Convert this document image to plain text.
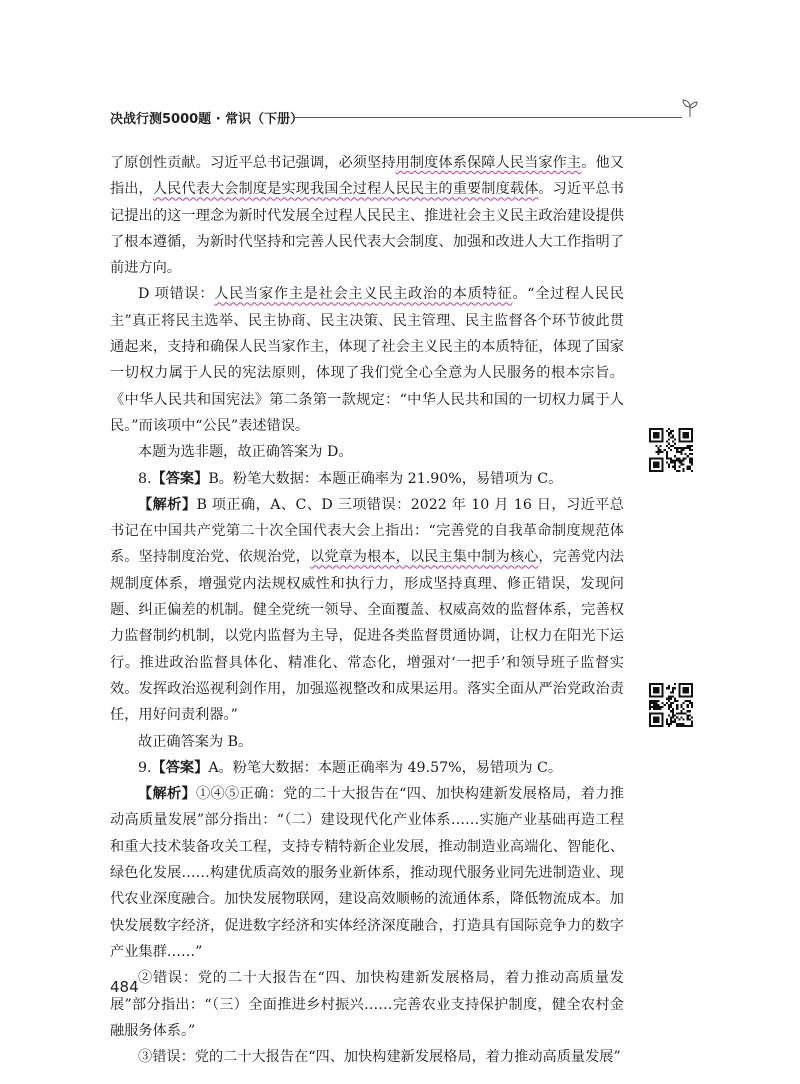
决战行测5000题 · 常识（下册）

了原创性贡献。习近平总书记强调，必须坚持用制度体系保障人民当家作主。他又指出，人民代表大会制度是实现我国全过程人民民主的重要制度载体。习近平总书记提出的这一理念为新时代发展全过程人民民主、推进社会主义民主政治建设提供了根本遵循，为新时代坚持和完善人民代表大会制度、加强和改进人大工作指明了前进方向。

D 项错误：人民当家作主是社会主义民主政治的本质特征。“全过程人民民主”真正将民主选举、民主协商、民主决策、民主管理、民主监督各个环节彼此贯通起来，支持和确保人民当家作主，体现了社会主义民主的本质特征，体现了国家一切权力属于人民的宪法原则，体现了我们党全心全意为人民服务的根本宗旨。《中华人民共和国宪法》第二条第一款规定：“中华人民共和国的一切权力属于人民。”而该项中“公民”表述错误。

本题为选非题，故正确答案为 D。

8.【答案】B。粉笔大数据：本题正确率为 21.90%，易错项为 C。

【解析】B 项正确，A、C、D 三项错误：2022 年 10 月 16 日，习近平总书记在中国共产党第二十次全国代表大会上指出：“完善党的自我革命制度规范体系。坚持制度治党、依规治党，以党章为根本，以民主集中制为核心，完善党内法规制度体系，增强党内法规权威性和执行力，形成坚持真理、修正错误，发现问题、纠正偏差的机制。健全党统一领导、全面覆盖、权威高效的监督体系，完善权力监督制约机制，以党内监督为主导，促进各类监督贯通协调，让权力在阳光下运行。推进政治监督具体化、精准化、常态化，增强对‘一把手’和领导班子监督实效。发挥政治巡视利剑作用，加强巡视整改和成果运用。落实全面从严治党政治责任，用好问责利器。”

故正确答案为 B。

9.【答案】A。粉笔大数据：本题正确率为 49.57%，易错项为 C。

【解析】①④⑤正确：党的二十大报告在“四、加快构建新发展格局，着力推动高质量发展”部分指出：“（二）建设现代化产业体系……实施产业基础再造工程和重大技术装备攻关工程，支持专精特新企业发展，推动制造业高端化、智能化、绿色化发展……构建优质高效的服务业新体系，推动现代服务业同先进制造业、现代农业深度融合。加快发展物联网，建设高效顺畅的流通体系，降低物流成本。加快发展数字经济，促进数字经济和实体经济深度融合，打造具有国际竞争力的数字产业集群……”

②错误：党的二十大报告在“四、加快构建新发展格局，着力推动高质量发展”部分指出：“（三）全面推进乡村振兴……完善农业支持保护制度，健全农村金融服务体系。”

③错误：党的二十大报告在“四、加快构建新发展格局，着力推动高质量发展”

484
